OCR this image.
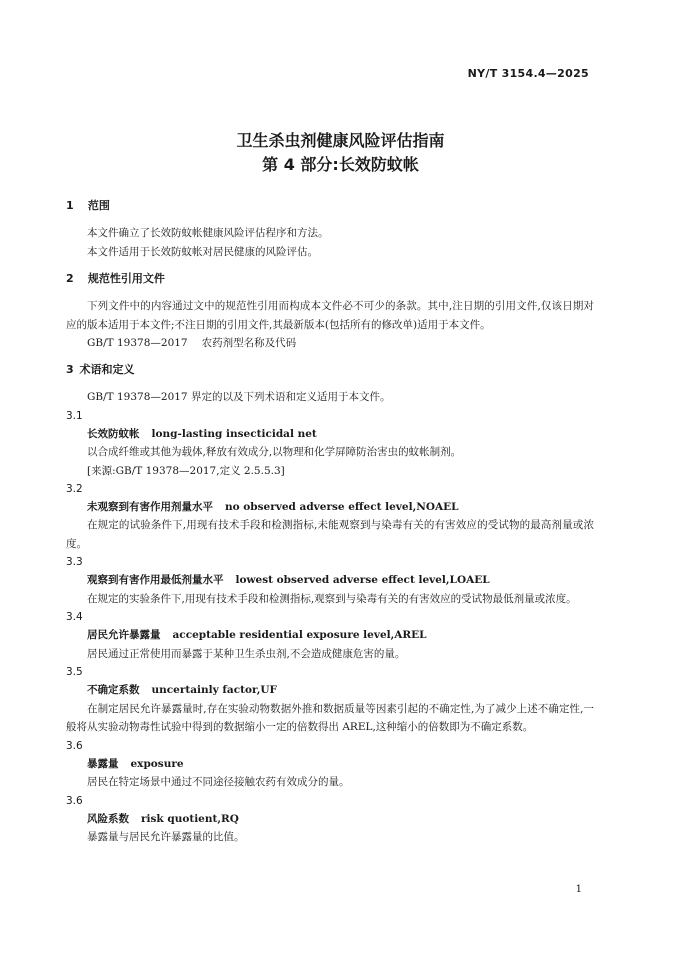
NY/T 3154.4—2025
卫生杀虫剂健康风险评估指南
第 4 部分:长效防蚊帐
1 范围

本文件确立了长效防蚊帐健康风险评估程序和方法。

本文件适用于长效防蚊帐对居民健康的风险评估。

2 规范性引用文件

下列文件中的内容通过文中的规范性引用而构成本文件必不可少的条款。其中,注日期的引用文件,仅该日期对应的版本适用于本文件;不注日期的引用文件,其最新版本(包括所有的修改单)适用于本文件。

GB/T 19378—2017 农药剂型名称及代码

3 术语和定义

GB/T 19378—2017 界定的以及下列术语和定义适用于本文件。

3.1

长效防蚊帐 long-lasting insecticidal net

以合成纤维或其他为载体,释放有效成分,以物理和化学屏障防治害虫的蚊帐制剂。

[来源:GB/T 19378—2017,定义 2.5.5.3]

3.2

未观察到有害作用剂量水平 no observed adverse effect level,NOAEL

在规定的试验条件下,用现有技术手段和检测指标,未能观察到与染毒有关的有害效应的受试物的最高剂量或浓度。

3.3

观察到有害作用最低剂量水平 lowest observed adverse effect level,LOAEL

在规定的实验条件下,用现有技术手段和检测指标,观察到与染毒有关的有害效应的受试物最低剂量或浓度。

3.4

居民允许暴露量 acceptable residential exposure level,AREL

居民通过正常使用而暴露于某种卫生杀虫剂,不会造成健康危害的量。

3.5

不确定系数 uncertainly factor,UF

在制定居民允许暴露量时,存在实验动物数据外推和数据质量等因素引起的不确定性,为了减少上述不确定性,一般将从实验动物毒性试验中得到的数据缩小一定的倍数得出 AREL,这种缩小的倍数即为不确定系数。

3.6

暴露量 exposure

居民在特定场景中通过不同途径接触农药有效成分的量。

3.6

风险系数 risk quotient,RQ

暴露量与居民允许暴露量的比值。

1
